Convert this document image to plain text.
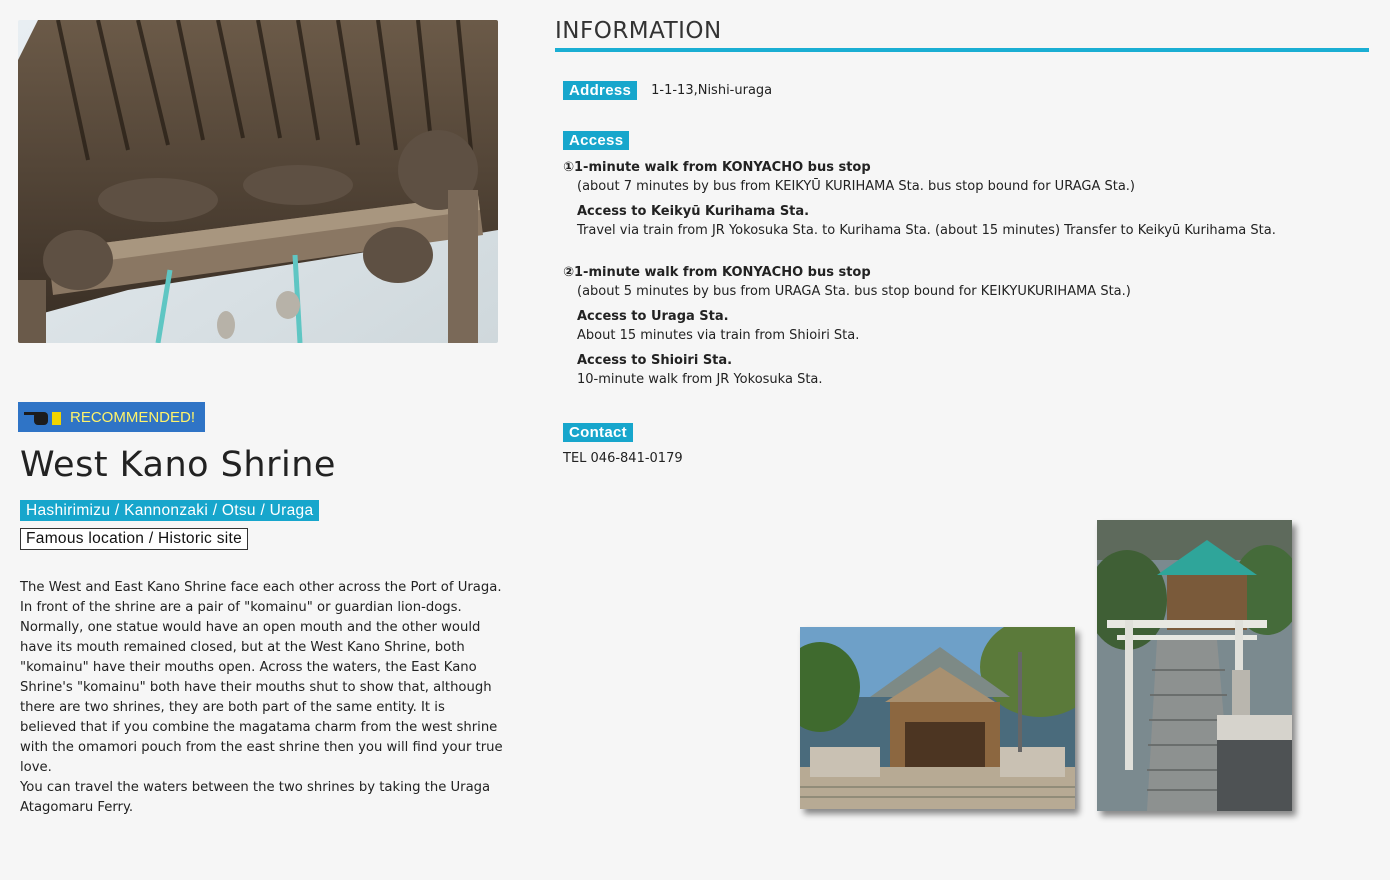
RECOMMENDED!
West Kano Shrine
Hashirimizu / Kannonzaki / Otsu / Uraga
Famous location / Historic site

The West and East Kano Shrine face each other across the Port of Uraga.

In front of the shrine are a pair of "komainu" or guardian lion-dogs. Normally, one statue would have an open mouth and the other would have its mouth remained closed, but at the West Kano Shrine, both "komainu" have their mouths open. Across the waters, the East Kano Shrine's "komainu" both have their mouths shut to show that, although there are two shrines, they are both part of the same entity. It is believed that if you combine the magatama charm from the west shrine with the omamori pouch from the east shrine then you will find your true love.

You can travel the waters between the two shrines by taking the Uraga Atagomaru Ferry.

INFORMATION
Address	1-1-13,Nishi-uraga
Access
①1-minute walk from KONYACHO bus stop
(about 7 minutes by bus from KEIKYŪ KURIHAMA Sta. bus stop bound for URAGA Sta.)
Access to Keikyū Kurihama Sta.
Travel via train from JR Yokosuka Sta. to Kurihama Sta. (about 15 minutes) Transfer to Keikyū Kurihama Sta.
②1-minute walk from KONYACHO bus stop
(about 5 minutes by bus from URAGA Sta. bus stop bound for KEIKYUKURIHAMA Sta.)
Access to Uraga Sta.
About 15 minutes via train from Shioiri Sta.
Access to Shioiri Sta.
10-minute walk from JR Yokosuka Sta.
Contact
TEL 046-841-0179
